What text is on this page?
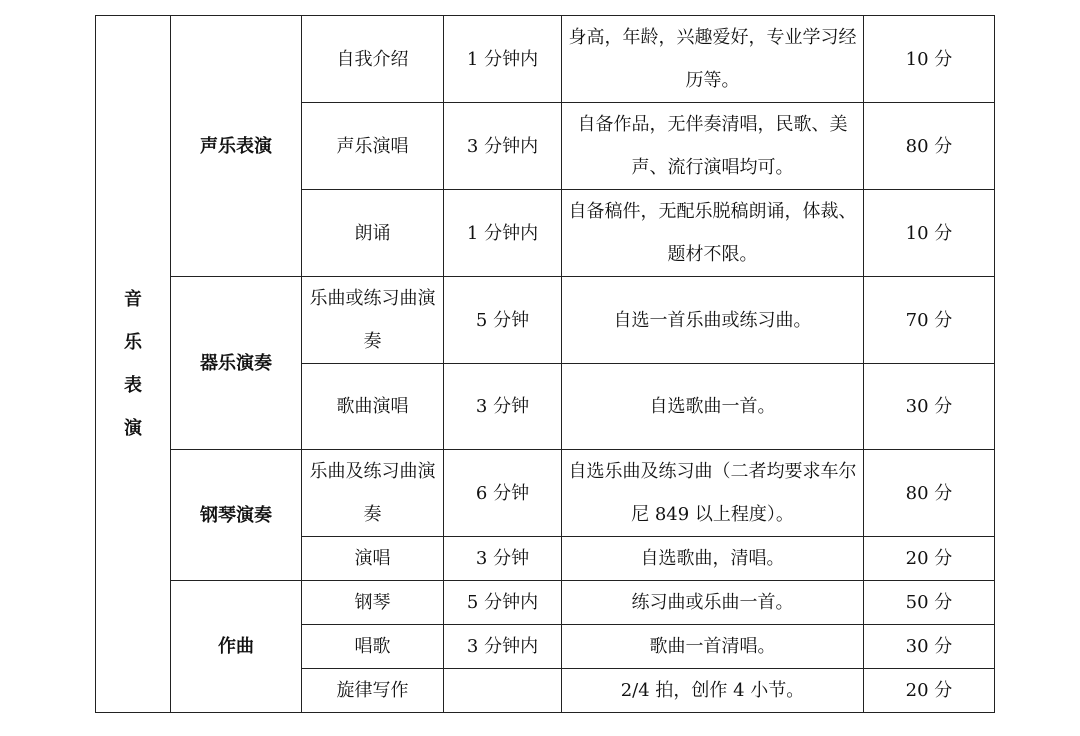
音乐表演	声乐表演	自我介绍	1 分钟内	身高，年龄，兴趣爱好，专业学习经历等。	10 分
		声乐演唱	3 分钟内	自备作品，无伴奏清唱，民歌、美声、流行演唱均可。	80 分
		朗诵	1 分钟内	自备稿件，无配乐脱稿朗诵，体裁、题材不限。	10 分
	器乐演奏	乐曲或练习曲演奏	5 分钟	自选一首乐曲或练习曲。	70 分
		歌曲演唱	3 分钟	自选歌曲一首。	30 分
	钢琴演奏	乐曲及练习曲演奏	6 分钟	自选乐曲及练习曲（二者均要求车尔尼 849 以上程度）。	80 分
		演唱	3 分钟	自选歌曲，清唱。	20 分
	作曲	钢琴	5 分钟内	练习曲或乐曲一首。	50 分
		唱歌	3 分钟内	歌曲一首清唱。	30 分
		旋律写作		2/4 拍，创作 4 小节。	20 分
